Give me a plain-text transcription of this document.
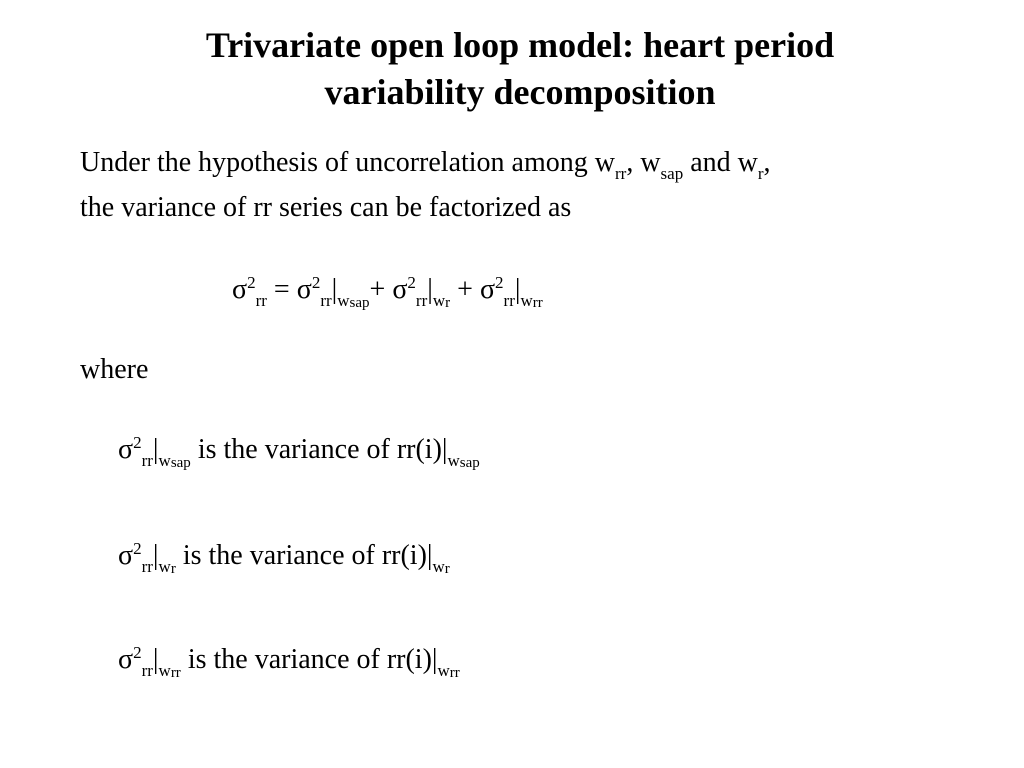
Trivariate open loop model: heart period
variability decomposition
Under the hypothesis of uncorrelation among $w_{rr}$, $w_{sap}$ and $w_r$,
the variance of rr series can be factorized as
$\sigma^2_{rr} = \sigma^2_{rr}|_{wsap}+ \sigma^2_{rr}|_{wr} + \sigma^2_{rr}|_{wrr}$
where
$\sigma^2_{rr}|_{wsap}$ is the variance of $rr(i)|_{wsap}$
$\sigma^2_{rr}|_{wr}$ is the variance of $rr(i)|_{wr}$
$\sigma^2_{rr}|_{wrr}$ is the variance of $rr(i)|_{wrr}$
